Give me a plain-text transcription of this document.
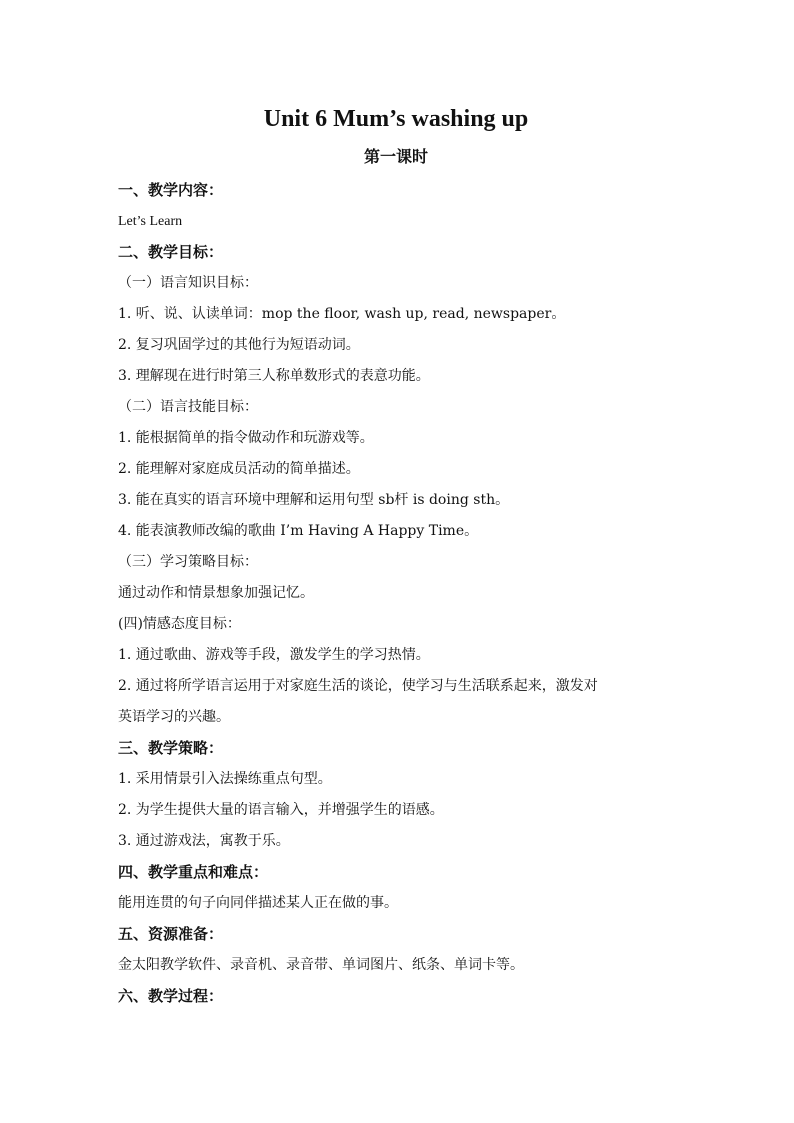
Unit 6 Mum’s washing up
第一课时
一、教学内容：
Let’s Learn
二、教学目标：
（一）语言知识目标：
1. 听、说、认读单词：mop the floor, wash up, read, newspaper。
2. 复习巩固学过的其他行为短语动词。
3. 理解现在进行时第三人称单数形式的表意功能。
（二）语言技能目标：
1. 能根据简单的指令做动作和玩游戏等。
2. 能理解对家庭成员活动的简单描述。
3. 能在真实的语言环境中理解和运用句型 sb杆 is doing sth。
4. 能表演教师改编的歌曲 I’m Having A Happy Time。
（三）学习策略目标：
通过动作和情景想象加强记忆。
(四)情感态度目标：
1. 通过歌曲、游戏等手段，激发学生的学习热情。
2. 通过将所学语言运用于对家庭生活的谈论，使学习与生活联系起来，激发对
英语学习的兴趣。
三、教学策略：
1. 采用情景引入法操练重点句型。
2. 为学生提供大量的语言输入，并增强学生的语感。
3. 通过游戏法，寓教于乐。
四、教学重点和难点：
能用连贯的句子向同伴描述某人正在做的事。
五、资源准备：
金太阳教学软件、录音机、录音带、单词图片、纸条、单词卡等。
六、教学过程：
